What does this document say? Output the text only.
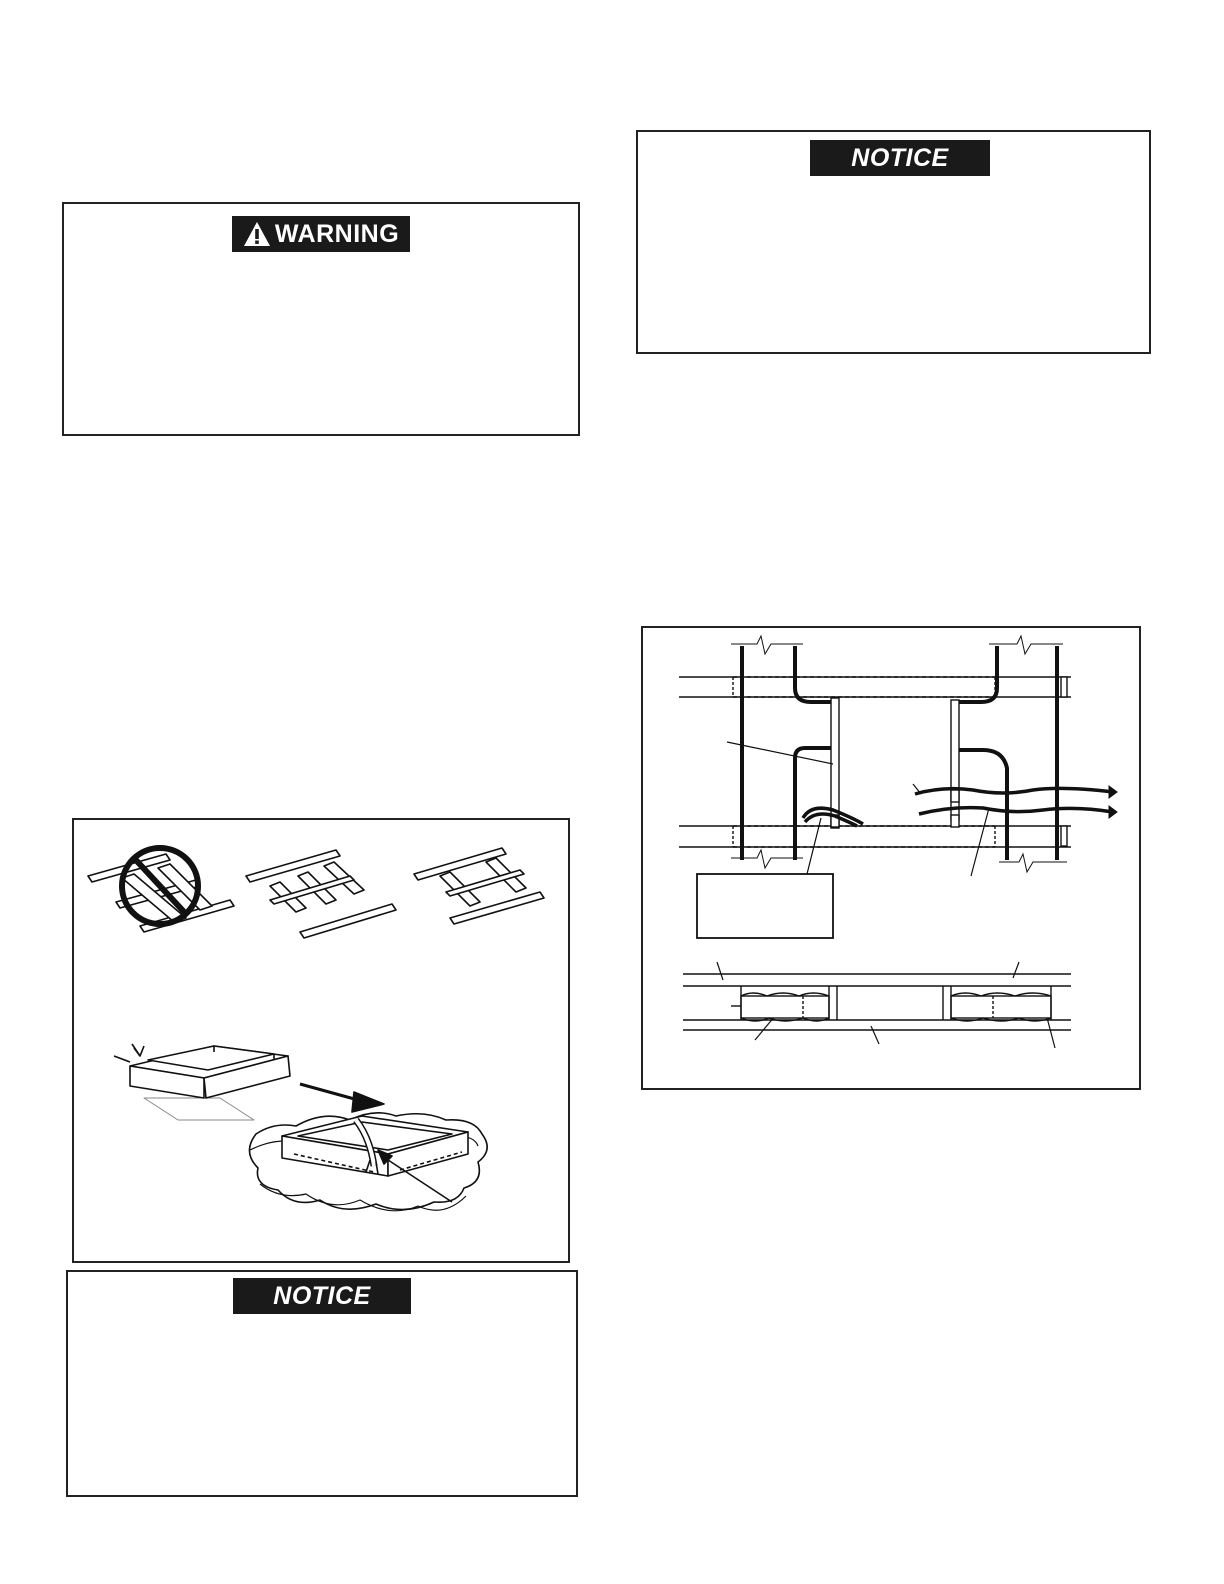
WARNING
NOTICE
NOTICE
